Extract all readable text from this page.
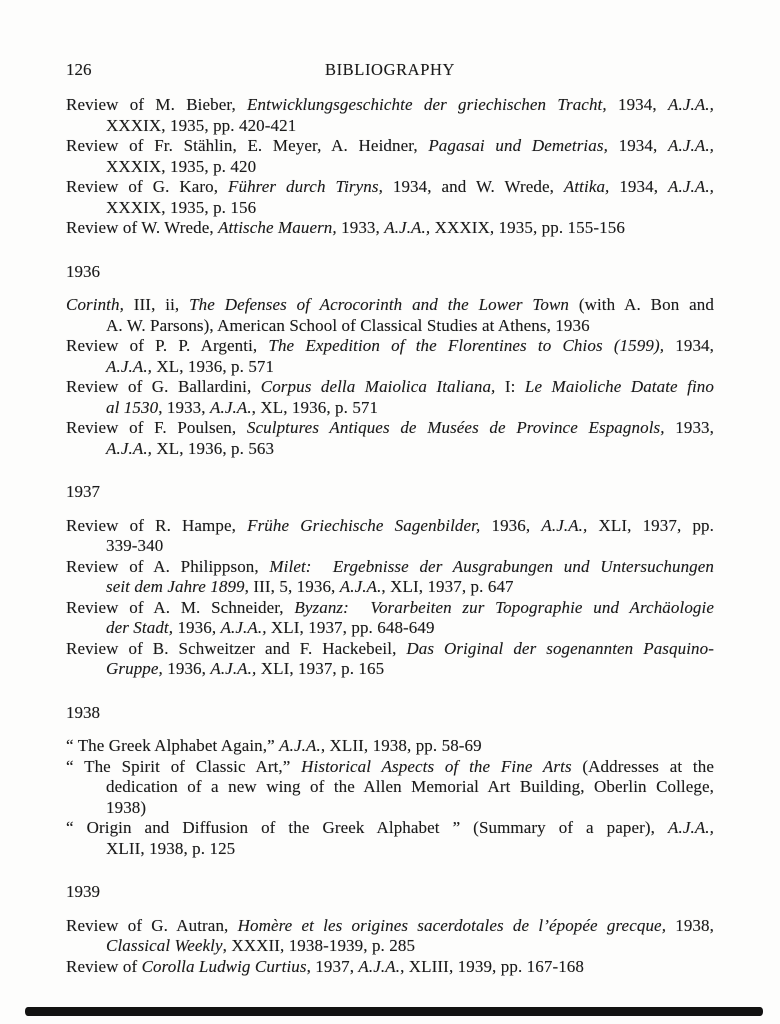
126	BIBLIOGRAPHY
Review of M. Bieber, Entwicklungsgeschichte der griechischen Tracht, 1934, A.J.A.,
XXXIX, 1935, pp. 420-421
Review of Fr. Stählin, E. Meyer, A. Heidner, Pagasai und Demetrias, 1934, A.J.A.,
XXXIX, 1935, p. 420
Review of G. Karo, Führer durch Tiryns, 1934, and W. Wrede, Attika, 1934, A.J.A.,
XXXIX, 1935, p. 156
Review of W. Wrede, Attische Mauern, 1933, A.J.A., XXXIX, 1935, pp. 155-156
1936
Corinth, III, ii, The Defenses of Acrocorinth and the Lower Town (with A. Bon and
A. W. Parsons), American School of Classical Studies at Athens, 1936
Review of P. P. Argenti, The Expedition of the Florentines to Chios (1599), 1934,
A.J.A., XL, 1936, p. 571
Review of G. Ballardini, Corpus della Maiolica Italiana, I: Le Maioliche Datate fino
al 1530, 1933, A.J.A., XL, 1936, p. 571
Review of F. Poulsen, Sculptures Antiques de Musées de Province Espagnols, 1933,
A.J.A., XL, 1936, p. 563
1937
Review of R. Hampe, Frühe Griechische Sagenbilder, 1936, A.J.A., XLI, 1937, pp.
339-340
Review of A. Philippson, Milet:  Ergebnisse der Ausgrabungen und Untersuchungen
seit dem Jahre 1899, III, 5, 1936, A.J.A., XLI, 1937, p. 647
Review of A. M. Schneider, Byzanz:  Vorarbeiten zur Topographie und Archäologie
der Stadt, 1936, A.J.A., XLI, 1937, pp. 648-649
Review of B. Schweitzer and F. Hackebeil, Das Original der sogenannten Pasquino-
Gruppe, 1936, A.J.A., XLI, 1937, p. 165
1938
“ The Greek Alphabet Again,” A.J.A., XLII, 1938, pp. 58-69
“ The Spirit of Classic Art,” Historical Aspects of the Fine Arts (Addresses at the
dedication of a new wing of the Allen Memorial Art Building, Oberlin College,
1938)
“ Origin and Diffusion of the Greek Alphabet ” (Summary of a paper), A.J.A.,
XLII, 1938, p. 125
1939
Review of G. Autran, Homère et les origines sacerdotales de l’épopée grecque, 1938,
Classical Weekly, XXXII, 1938-1939, p. 285
Review of Corolla Ludwig Curtius, 1937, A.J.A., XLIII, 1939, pp. 167-168
